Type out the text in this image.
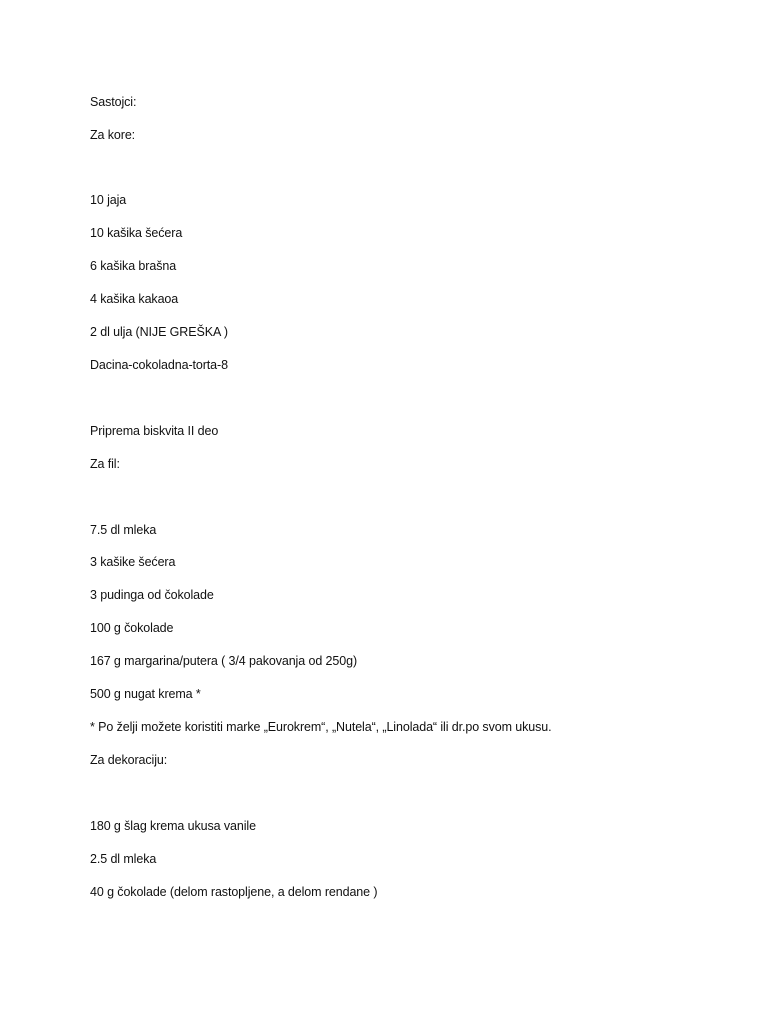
Sastojci:
Za kore:
10 jaja
10 kašika šećera
6 kašika brašna
4 kašika kakaoa
2 dl ulja (NIJE GREŠKA )
Dacina-cokoladna-torta-8
Priprema biskvita II deo
Za fil:
7.5 dl mleka
3 kašike šećera
3 pudinga od čokolade
100 g čokolade
167 g margarina/putera ( 3/4 pakovanja od 250g)
500 g nugat krema *
* Po želji možete koristiti marke „Eurokrem“, „Nutela“, „Linolada“ ili dr.po svom ukusu.
Za dekoraciju:
180 g šlag krema ukusa vanile
2.5 dl mleka
40 g čokolade (delom rastopljene, a delom rendane )
